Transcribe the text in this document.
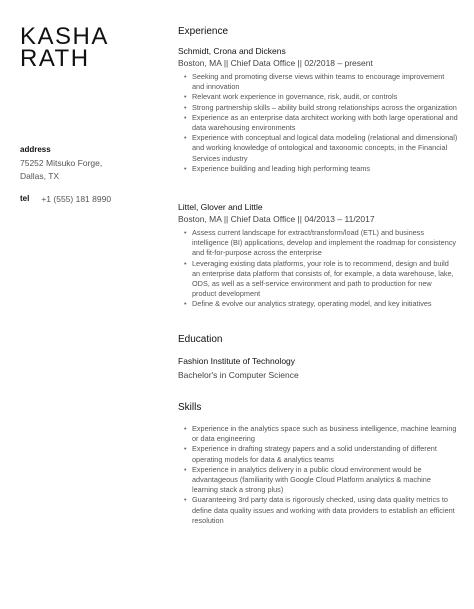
KASHA
RATH
address
75252 Mitsuko Forge,
Dallas, TX
tel +1 (555) 181 8990
Experience
Schmidt, Crona and Dickens
Boston, MA || Chief Data Office || 02/2018 – present
• Seeking and promoting diverse views within teams to encourage improvement and innovation
• Relevant work experience in governance, risk, audit, or controls
• Strong partnership skills – ability build strong relationships across the organization
• Experience as an enterprise data architect working with both large operational and data warehousing environments
• Experience with conceptual and logical data modeling (relational and dimensional) and working knowledge of ontological and taxonomic concepts, in the Financial Services industry
• Experience building and leading high performing teams
Littel, Glover and Little
Boston, MA || Chief Data Office || 04/2013 – 11/2017
• Assess current landscape for extract/transform/load (ETL) and business intelligence (BI) applications, develop and implement the roadmap for consistency and fit-for-purpose across the enterprise
• Leveraging existing data platforms, your role is to recommend, design and build an enterprise data platform that consists of, for example, a data warehouse, lake, ODS, as well as a self-service environment and path to production for new product development
• Define & evolve our analytics strategy, operating model, and key initiatives
Education
Fashion Institute of Technology
Bachelor's in Computer Science
Skills
• Experience in the analytics space such as business intelligence, machine learning or data engineering
• Experience in drafting strategy papers and a solid understanding of different operating models for data & analytics teams
• Experience in analytics delivery in a public cloud environment would be advantageous (familiarity with Google Cloud Platform analytics & machine learning stack a strong plus)
• Guaranteeing 3rd party data is rigorously checked, using data quality metrics to define data quality issues and working with data providers to establish an efficient resolution
